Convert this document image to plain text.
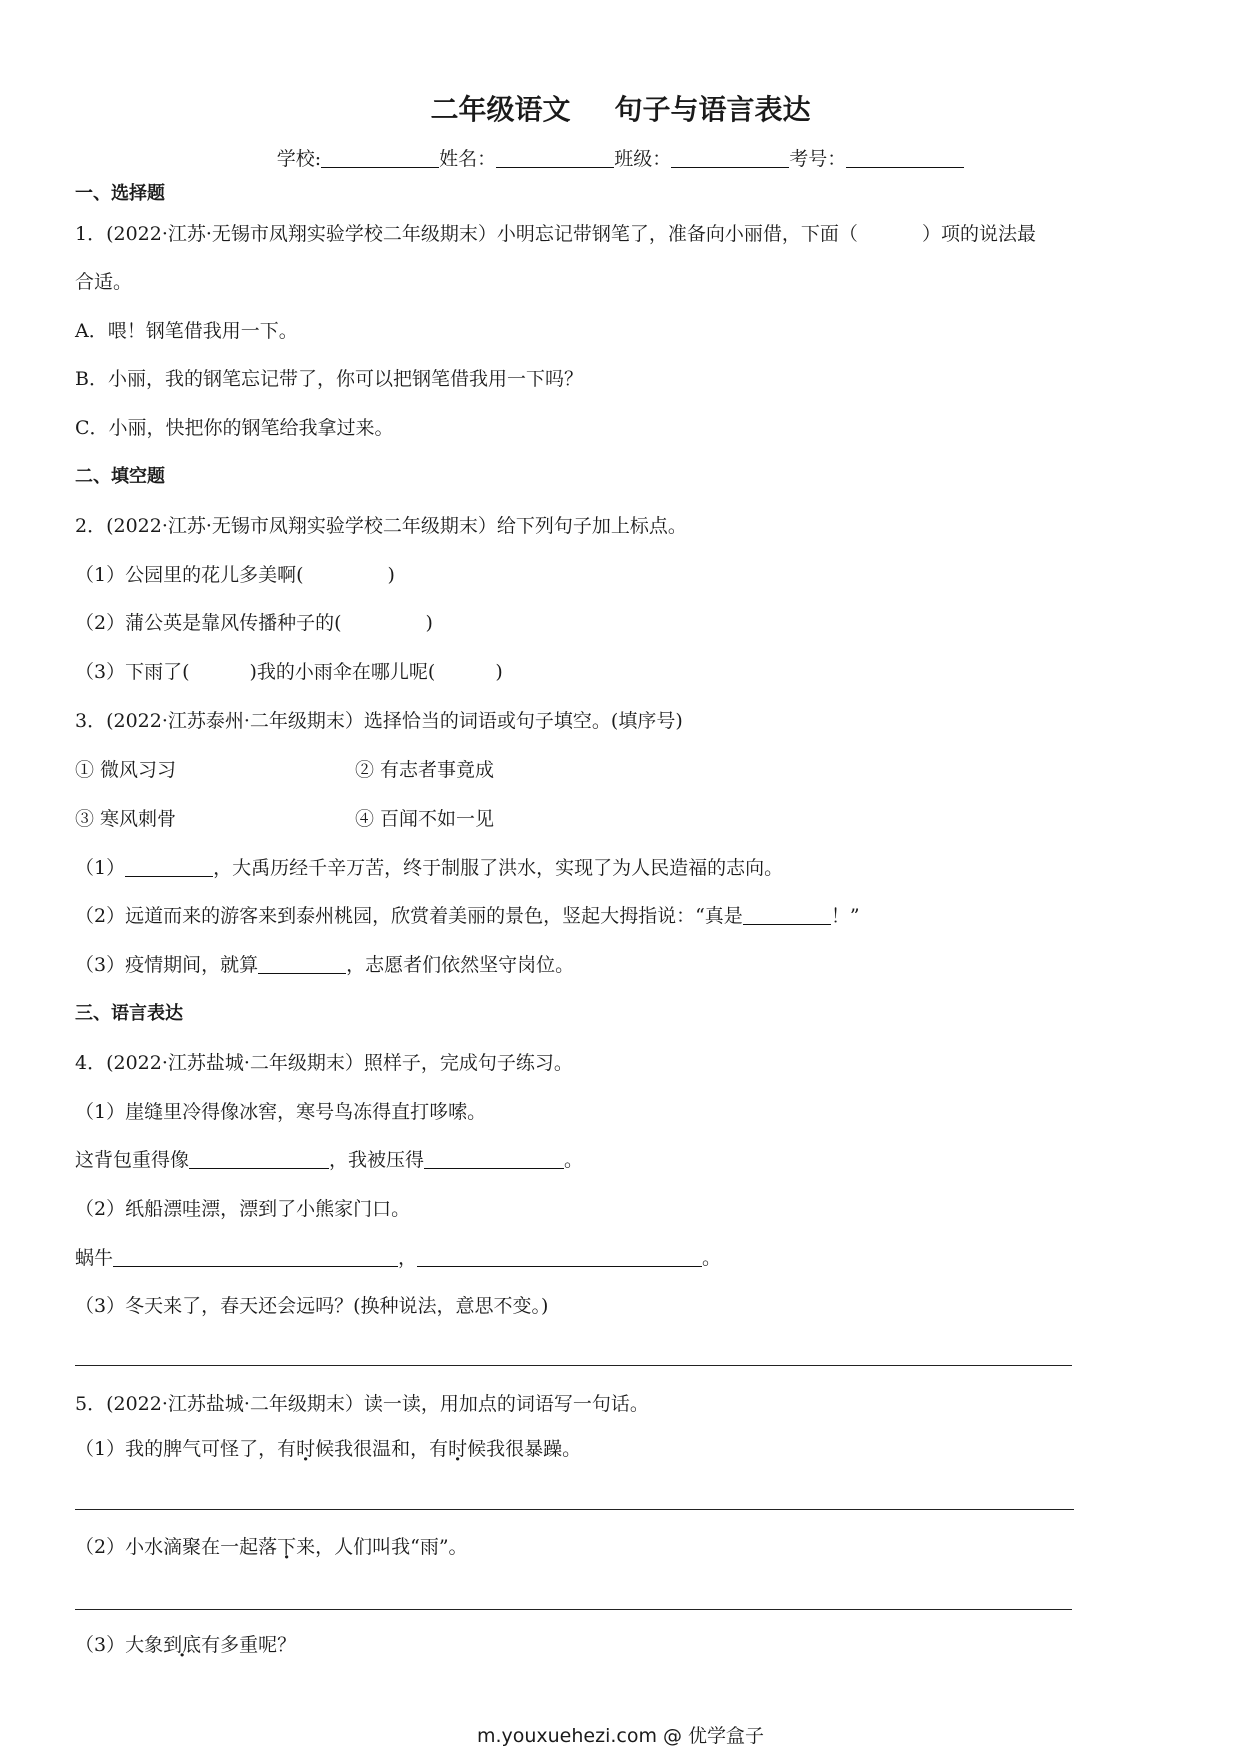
二年级语文 句子与语言表达
学校:	姓名：	班级：	考号：
一、选择题
1．(2022·江苏·无锡市凤翔实验学校二年级期末）小明忘记带钢笔了，准备向小丽借，下面（	）项的说法最
合适。
A．喂！钢笔借我用一下。
B．小丽，我的钢笔忘记带了，你可以把钢笔借我用一下吗？
C．小丽，快把你的钢笔给我拿过来。
二、填空题
2．(2022·江苏·无锡市凤翔实验学校二年级期末）给下列句子加上标点。
（1）公园里的花儿多美啊(	)
（2）蒲公英是靠风传播种子的(	)
（3）下雨了(	)我的小雨伞在哪儿呢(	)
3．(2022·江苏泰州·二年级期末）选择恰当的词语或句子填空。(填序号)
① 微风习习	② 有志者事竟成
③ 寒风刺骨	④ 百闻不如一见
（1）	，大禹历经千辛万苦，终于制服了洪水，实现了为人民造福的志向。
（2）远道而来的游客来到泰州桃园，欣赏着美丽的景色，竖起大拇指说：“真是	！”
（3）疫情期间，就算	，志愿者们依然坚守岗位。
三、语言表达
4．(2022·江苏盐城·二年级期末）照样子，完成句子练习。
（1）崖缝里冷得像冰窖，寒号鸟冻得直打哆嗦。
这背包重得像	，我被压得	。
（2）纸船漂哇漂，漂到了小熊家门口。
蜗牛	，	。
（3）冬天来了，春天还会远吗？(换种说法，意思不变。)
5．(2022·江苏盐城·二年级期末）读一读，用加点的词语写一句话。
（1）我的脾气可怪了，有时候我很温和，有时候我很暴躁。
（2）小水滴聚在一起落下来，人们叫我“雨”。
（3）大象到底有多重呢？
m.youxuehezi.com @ 优学盒子
